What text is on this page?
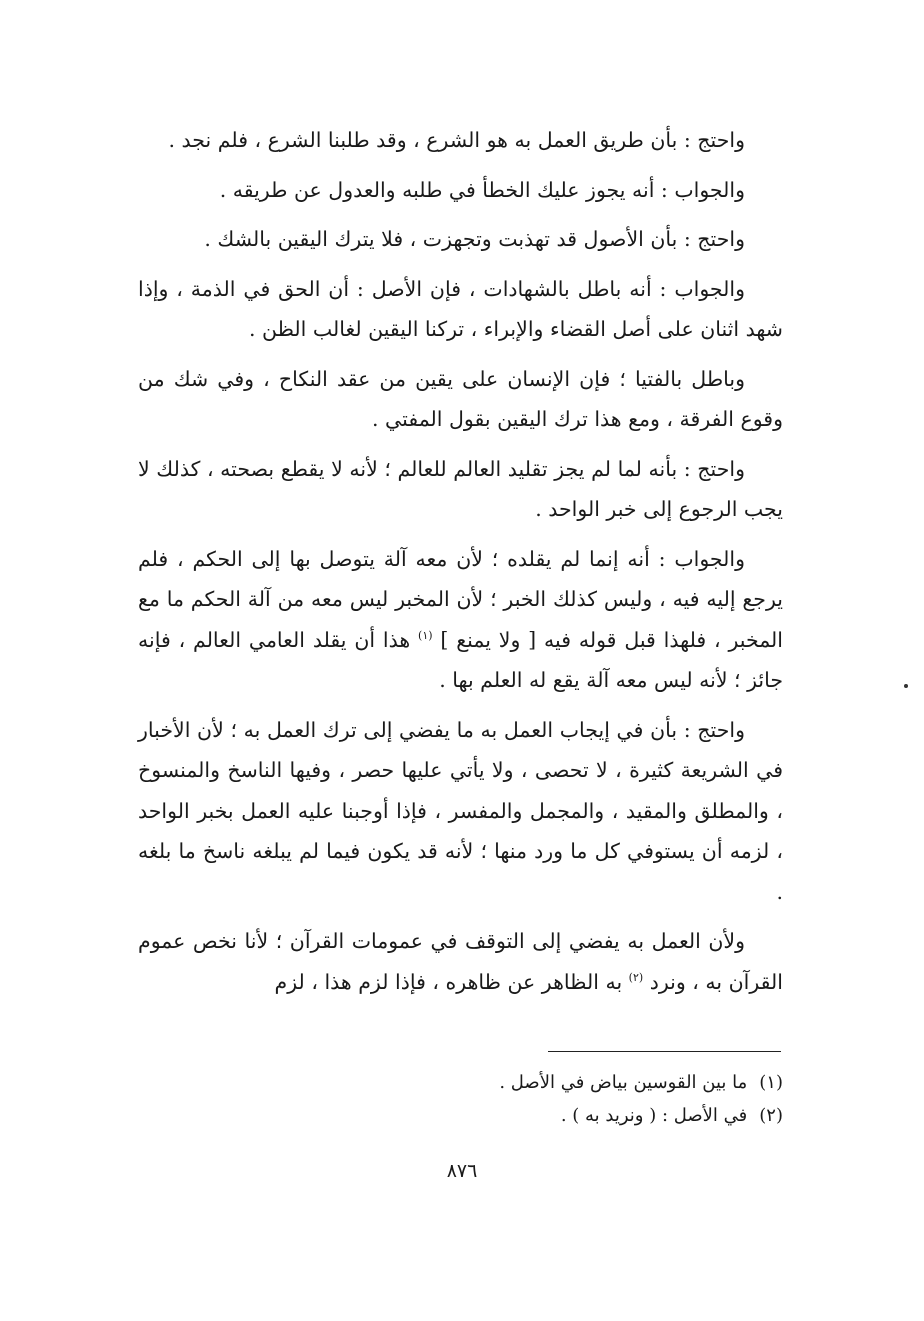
واحتج : بأن طريق العمل به هو الشرع ، وقد طلبنا الشرع ، فلم نجد .

والجواب : أنه يجوز عليك الخطأ في طلبه والعدول عن طريقه .

واحتج : بأن الأصول قد تهذبت وتجهزت ، فلا يترك اليقين بالشك .

والجواب : أنه باطل بالشهادات ، فإن الأصل : أن الحق في الذمة ، وإذا شهد اثنان على أصل القضاء والإبراء ، تركنا اليقين لغالب الظن .

وباطل بالفتيا ؛ فإن الإنسان على يقين من عقد النكاح ، وفي شك من وقوع الفرقة ، ومع هذا ترك اليقين بقول المفتي .

واحتج : بأنه لما لم يجز تقليد العالم للعالم ؛ لأنه لا يقطع بصحته ، كذلك لا يجب الرجوع إلى خبر الواحد .

والجواب : أنه إنما لم يقلده ؛ لأن معه آلة يتوصل بها إلى الحكم ، فلم يرجع إليه فيه ، وليس كذلك الخبر ؛ لأن المخبر ليس معه من آلة الحكم ما مع المخبر ، فلهذا قبل قوله فيه [ ولا يمنع ] $^{(١)}$ هذا أن يقلد العامي العالم ، فإنه جائز ؛ لأنه ليس معه آلة يقع له العلم بها .

واحتج : بأن في إيجاب العمل به ما يفضي إلى ترك العمل به ؛ لأن الأخبار في الشريعة كثيرة ، لا تحصى ، ولا يأتي عليها حصر ، وفيها الناسخ والمنسوخ ، والمطلق والمقيد ، والمجمل والمفسر ، فإذا أوجبنا عليه العمل بخبر الواحد ، لزمه أن يستوفي كل ما ورد منها ؛ لأنه قد يكون فيما لم يبلغه ناسخ ما بلغه .

ولأن العمل به يفضي إلى التوقف في عمومات القرآن ؛ لأنا نخص عموم القرآن به ، ونرد $^{(٢)}$ به الظاهر عن ظاهره ، فإذا لزم هذا ، لزم

(١)ما بين القوسين بياض في الأصل .

(٢)في الأصل : ( ونريد به ) .

٨٧٦
